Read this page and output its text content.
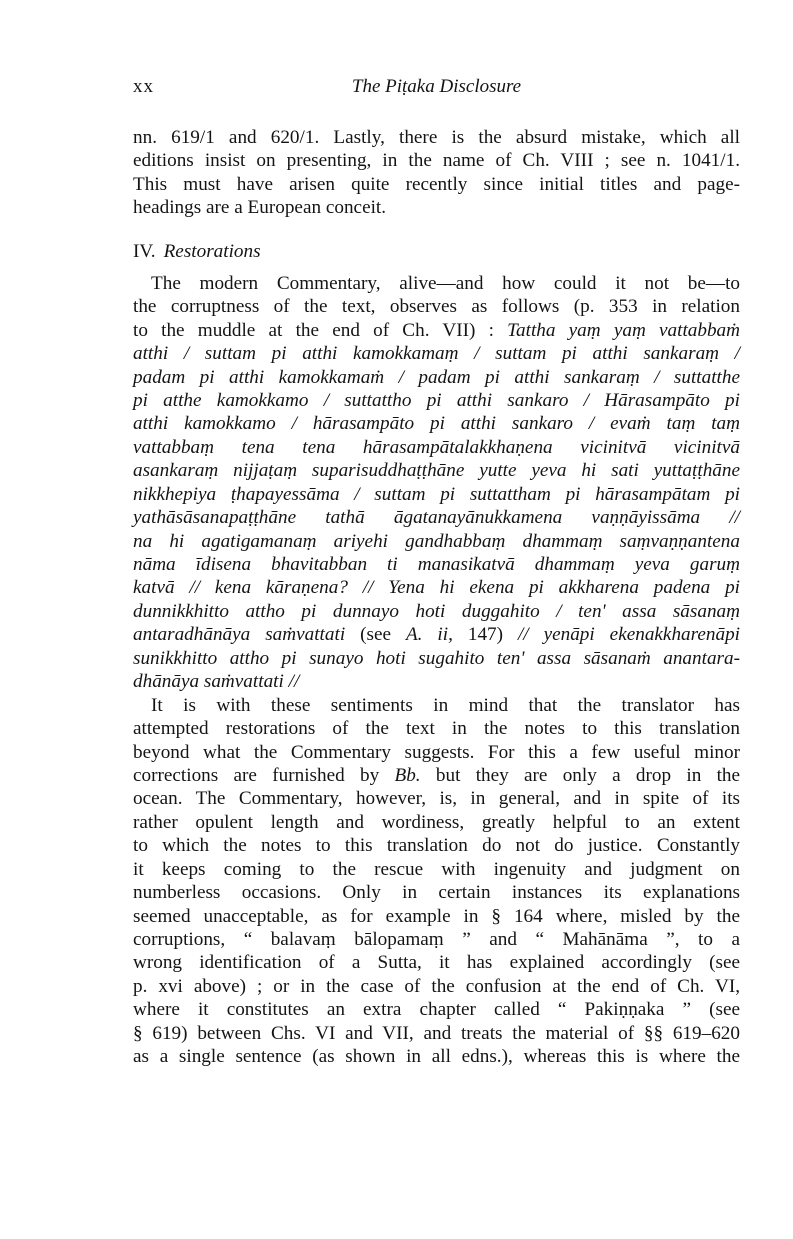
xx	The Piṭaka Disclosure
nn. 619/1 and 620/1. Lastly, there is the absurd mistake, which all
editions insist on presenting, in the name of Ch. VIII ; see n. 1041/1.
This must have arisen quite recently since initial titles and page-
headings are a European conceit.
IV. Restorations
The modern Commentary, alive—and how could it not be—to
the corruptness of the text, observes as follows (p. 353 in relation
to the muddle at the end of Ch. VII) : Tattha yaṃ yaṃ vattabbaṁ
atthi / suttam pi atthi kamokkamaṃ / suttam pi atthi sankaraṃ /
padam pi atthi kamokkamaṁ / padam pi atthi sankaraṃ / suttatthe
pi atthe kamokkamo / suttattho pi atthi sankaro / Hārasampāto pi
atthi kamokkamo / hārasampāto pi atthi sankaro / evaṁ taṃ taṃ
vattabbaṃ tena tena hārasampātalakkhaṇena vicinitvā vicinitvā
asankaraṃ nijjaṭaṃ suparisuddhaṭṭhāne yutte yeva hi sati yuttaṭṭhāne
nikkhepiya ṭhapayessāma / suttam pi suttattham pi hārasampātam pi
yathāsāsanapaṭṭhāne tathā āgatanayānukkamena vaṇṇāyissāma //
na hi agatigamanaṃ ariyehi gandhabbaṃ dhammaṃ saṃvaṇṇantena
nāma īdisena bhavitabban ti manasikatvā dhammaṃ yeva garuṃ
katvā // kena kāraṇena? // Yena hi ekena pi akkharena padena pi
dunnikkhitto attho pi dunnayo hoti duggahito / ten' assa sāsanaṃ
antaradhānāya saṁvattati (see A. ii, 147) // yenāpi ekenakkharenāpi
sunikkhitto attho pi sunayo hoti sugahito ten' assa sāsanaṁ anantara-
dhānāya saṁvattati //
It is with these sentiments in mind that the translator has
attempted restorations of the text in the notes to this translation
beyond what the Commentary suggests. For this a few useful minor
corrections are furnished by Bb. but they are only a drop in the
ocean. The Commentary, however, is, in general, and in spite of its
rather opulent length and wordiness, greatly helpful to an extent
to which the notes to this translation do not do justice. Constantly
it keeps coming to the rescue with ingenuity and judgment on
numberless occasions. Only in certain instances its explanations
seemed unacceptable, as for example in § 164 where, misled by the
corruptions, “ balavaṃ bālopamaṃ ” and “ Mahānāma ”, to a
wrong identification of a Sutta, it has explained accordingly (see
p. xvi above) ; or in the case of the confusion at the end of Ch. VI,
where it constitutes an extra chapter called “ Pakiṇṇaka ” (see
§ 619) between Chs. VI and VII, and treats the material of §§ 619–620
as a single sentence (as shown in all edns.), whereas this is where the
